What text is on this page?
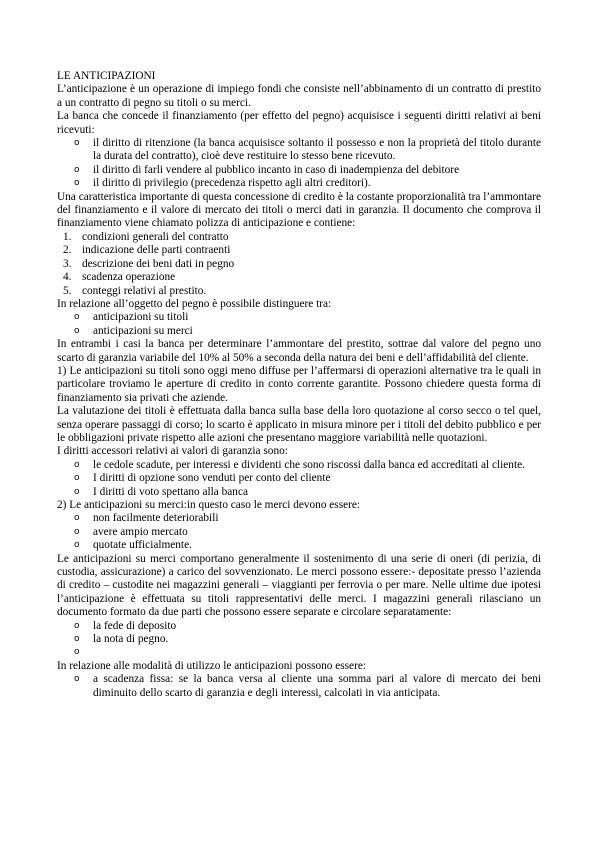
LE ANTICIPAZIONI

L’anticipazione è un operazione di impiego fondi che consiste nell’abbinamento di un contratto di prestito a un contratto di pegno su titoli o su merci.

La banca che concede il finanziamento (per effetto del pegno) acquisisce i seguenti diritti relativi ai beni ricevuti:

o il diritto di ritenzione (la banca acquisisce soltanto il possesso e non la proprietà del titolo durante la durata del contratto), cioè deve restituire lo stesso bene ricevuto.
o il diritto di farli vendere al pubblico incanto in caso di inadempienza del debitore
o il diritto di privilegio (precedenza rispetto agli altri creditori).

Una caratteristica importante di questa concessione di credito è la costante proporzionalità tra l’ammontare del finanziamento e il valore di mercato dei titoli o merci dati in garanzia. Il documento che comprova il finanziamento viene chiamato polizza di anticipazione e contiene:

1. condizioni generali del contratto
2. indicazione delle parti contraenti
3. descrizione dei beni dati in pegno
4. scadenza operazione
5. conteggi relativi al prestito.

In relazione all’oggetto del pegno è possibile distinguere tra:

o anticipazioni su titoli
o anticipazioni su merci

In entrambi i casi la banca per determinare l’ammontare del prestito, sottrae dal valore del pegno uno scarto di garanzia variabile del 10% al 50% a seconda della natura dei beni e dell’affidabilità del cliente.

1) Le anticipazioni su titoli sono oggi meno diffuse per l’affermarsi di operazioni alternative tra le quali in particolare troviamo le aperture di credito in conto corrente garantite. Possono chiedere questa forma di finanziamento sia privati che aziende.

La valutazione dei titoli è effettuata dalla banca sulla base della loro quotazione al corso secco o tel quel, senza operare passaggi di corso; lo scarto è applicato in misura minore per i titoli del debito pubblico e per le obbligazioni private rispetto alle azioni che presentano maggiore variabilità nelle quotazioni.

I diritti accessori relativi ai valori di garanzia sono:

o le cedole scadute, per interessi e dividenti che sono riscossi dalla banca ed accreditati al cliente.
o I diritti di opzione sono venduti per conto del cliente
o I diritti di voto spettano alla banca

2) Le anticipazioni su merci:in questo caso le merci devono essere:

o non facilmente deteriorabili
o avere ampio mercato
o quotate ufficialmente.

Le anticipazioni su merci comportano generalmente il sostenimento di una serie di oneri (di perizia, di custodia, assicurazione) a carico del sovvenzionato. Le merci possono essere:- depositate presso l’azienda di credito – custodite nei magazzini generali – viaggianti per ferrovia o per mare. Nelle ultime due ipotesi l’anticipazione è effettuata su titoli rappresentativi delle merci. I magazzini generali rilasciano un documento formato da due parti che possono essere separate e circolare separatamente:

o la fede di deposito
o la nota di pegno.
o

In relazione alle modalità di utilizzo le anticipazioni possono essere:

o a scadenza fissa: se la banca versa al cliente una somma pari al valore di mercato dei beni diminuito dello scarto di garanzia e degli interessi, calcolati in via anticipata.
